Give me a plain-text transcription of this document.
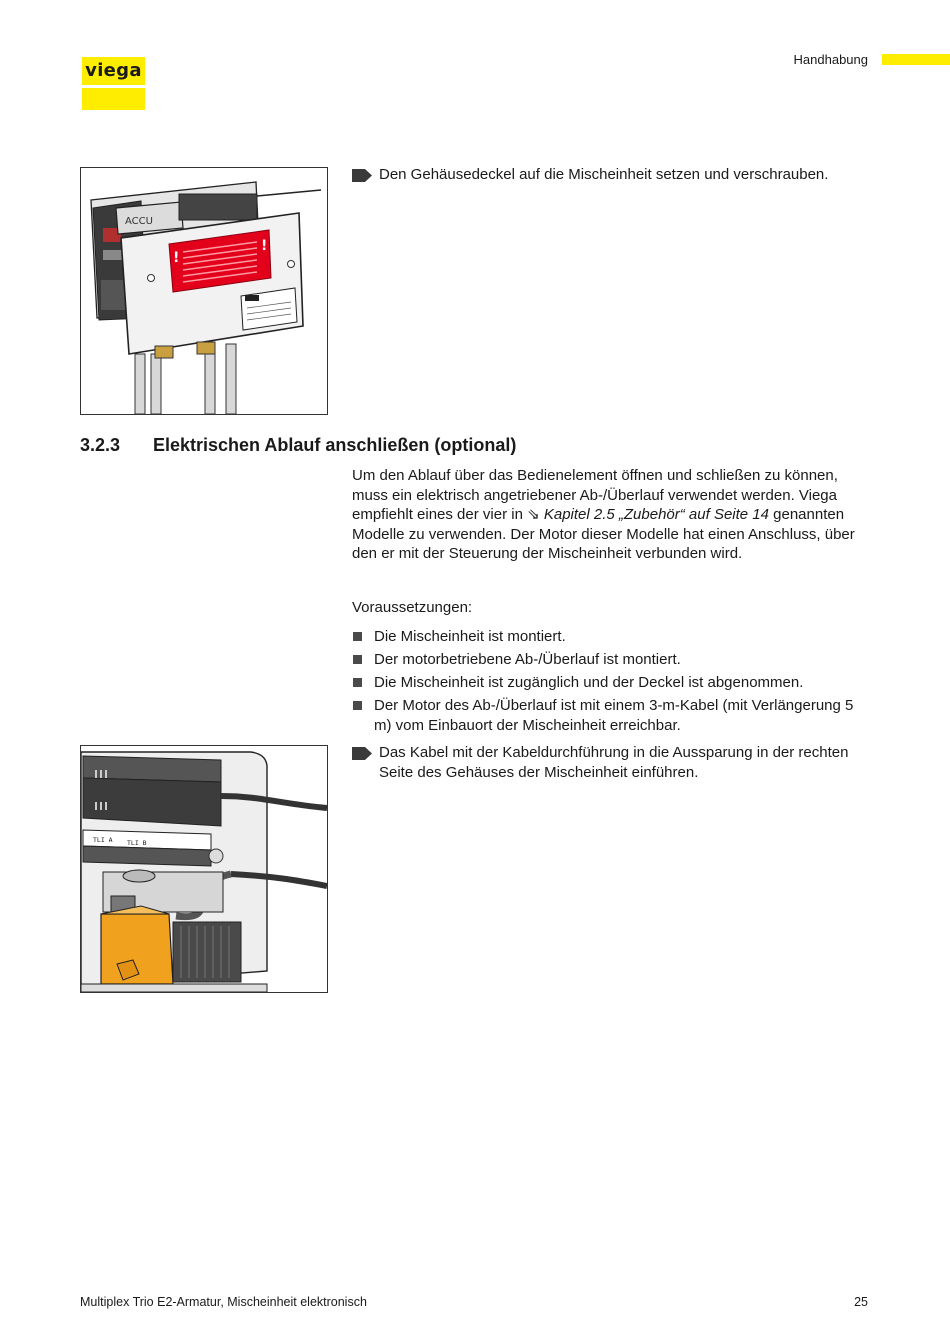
viega
Handhabung
ACCU
!
!
Den Gehäusedeckel auf die Mischeinheit setzen und verschrauben.
3.2.3	Elektrischen Ablauf anschließen (optional)
Um den Ablauf über das Bedienelement öffnen und schließen zu können, muss ein elektrisch angetriebener Ab-/Überlauf verwendet werden. Viega empfiehlt eines der vier in ⇘ Kapitel 2.5 „Zubehör“ auf Seite 14 genannten Modelle zu verwenden. Der Motor dieser Modelle hat einen Anschluss, über den er mit der Steuerung der Mischeinheit verbunden wird.
Voraussetzungen:
Die Mischeinheit ist montiert.
Der motorbetriebene Ab-/Überlauf ist montiert.
Die Mischeinheit ist zugänglich und der Deckel ist abgenommen.
Der Motor des Ab-/Überlauf ist mit einem 3-m-Kabel (mit Verlängerung 5 m) vom Einbauort der Mischeinheit erreichbar.
TLI A TLI B
Das Kabel mit der Kabeldurchführung in die Aussparung in der rechten Seite des Gehäuses der Mischeinheit einführen.
Multiplex Trio E2-Armatur, Mischeinheit elektronisch	25
